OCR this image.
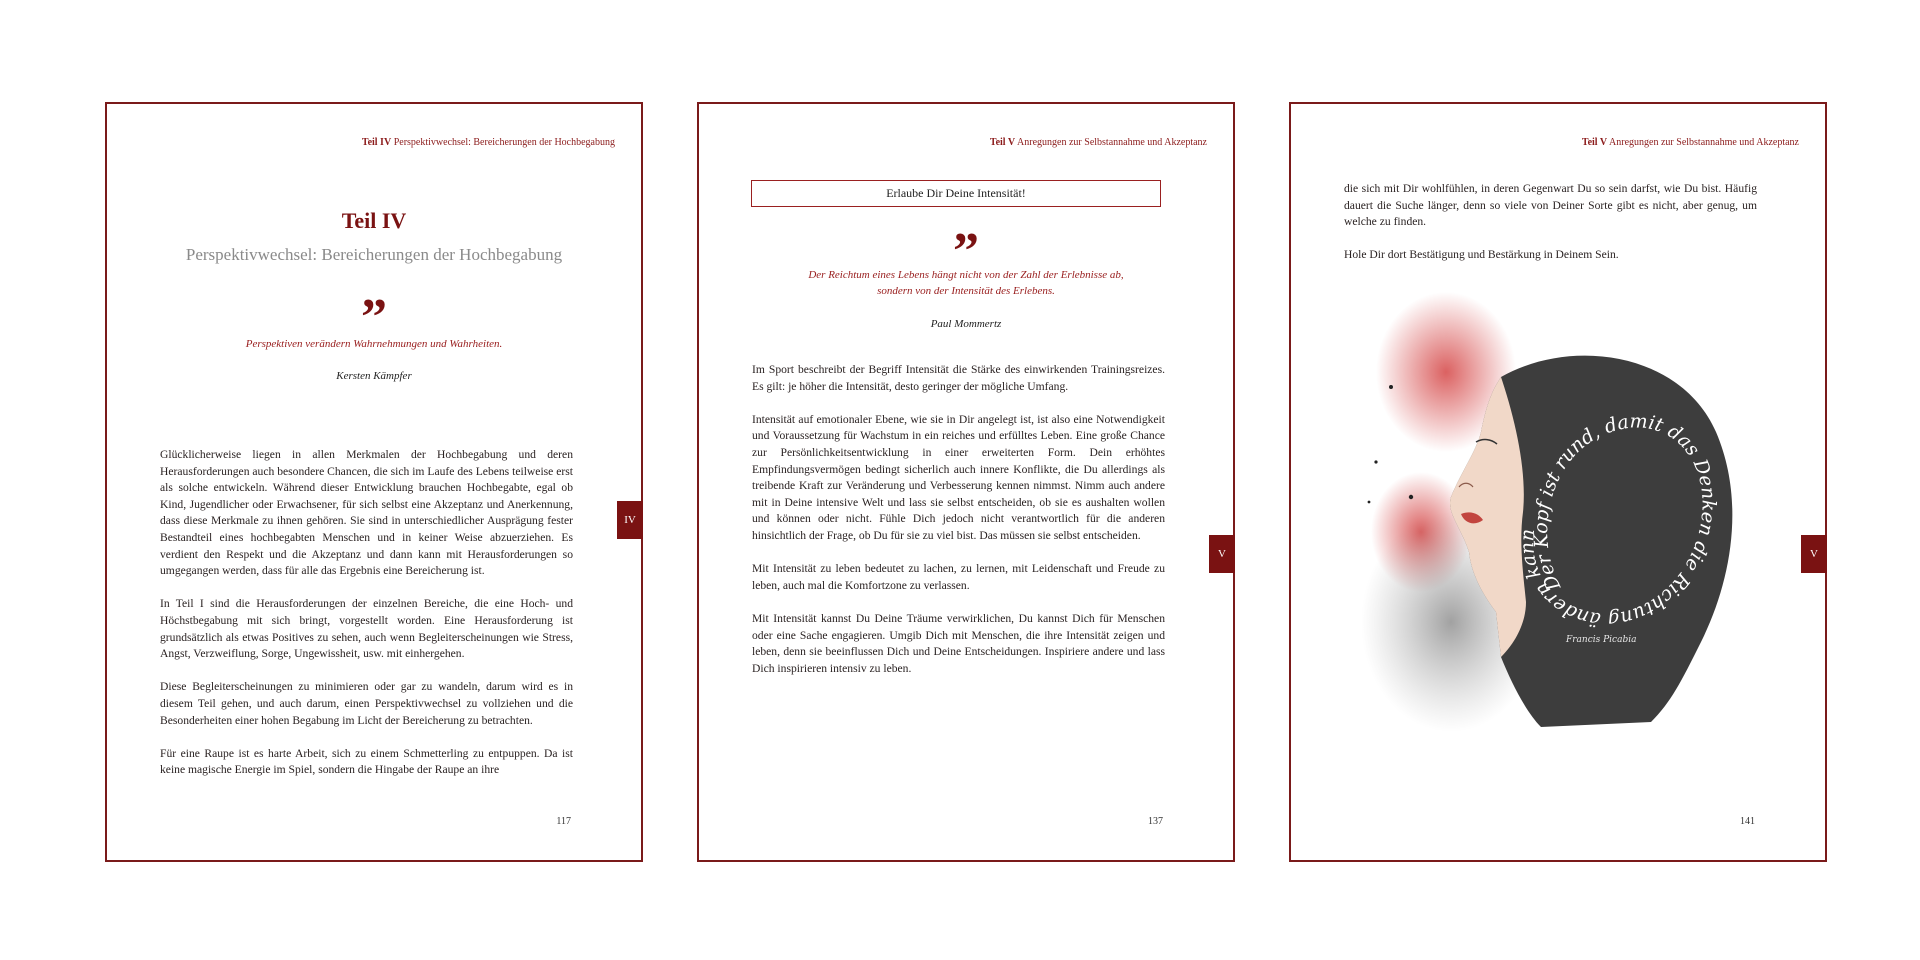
Teil IV Perspektivwechsel: Bereicherungen der Hochbegabung
Teil IV
Perspektivwechsel: Bereicherungen der Hochbegabung
”
Perspektiven verändern Wahrnehmungen und Wahrheiten.
Kersten Kämpfer

Glücklicherweise liegen in allen Merkmalen der Hochbegabung und deren Herausforderungen auch besondere Chancen, die sich im Laufe des Lebens teilweise erst als solche entwickeln. Während dieser Entwicklung brauchen Hochbegabte, egal ob Kind, Jugendlicher oder Erwachsener, für sich selbst eine Akzeptanz und Anerkennung, dass diese Merkmale zu ihnen gehören. Sie sind in unterschiedlicher Ausprägung fester Bestandteil eines hochbegabten Menschen und in keiner Weise abzuerziehen. Es verdient den Respekt und die Akzeptanz und dann kann mit Herausforderungen so umgegangen werden, dass für alle das Ergebnis eine Bereicherung ist.

In Teil I sind die Herausforderungen der einzelnen Bereiche, die eine Hoch- und Höchstbegabung mit sich bringt, vorgestellt worden. Eine Herausforderung ist grundsätzlich als etwas Positives zu sehen, auch wenn Begleiterscheinungen wie Stress, Angst, Verzweiflung, Sorge, Ungewissheit, usw. mit einhergehen.

Diese Begleiterscheinungen zu minimieren oder gar zu wandeln, darum wird es in diesem Teil gehen, und auch darum, einen Perspektivwechsel zu vollziehen und die Besonderheiten einer hohen Begabung im Licht der Bereicherung zu betrachten.

Für eine Raupe ist es harte Arbeit, sich zu einem Schmetterling zu entpuppen. Da ist keine magische Energie im Spiel, sondern die Hingabe der Raupe an ihre

IV
117
Teil V Anregungen zur Selbstannahme und Akzeptanz
Erlaube Dir Deine Intensität!
”
Der Reichtum eines Lebens hängt nicht von der Zahl der Erlebnisse ab,
sondern von der Intensität des Erlebens.
Paul Mommertz

Im Sport beschreibt der Begriff Intensität die Stärke des einwirkenden Trainingsreizes. Es gilt: je höher die Intensität, desto geringer der mögliche Umfang.

Intensität auf emotionaler Ebene, wie sie in Dir angelegt ist, ist also eine Notwendigkeit und Voraussetzung für Wachstum in ein reiches und erfülltes Leben. Eine große Chance zur Persönlichkeitsentwicklung in einer erweiterten Form. Dein erhöhtes Empfindungsvermögen bedingt sicherlich auch innere Konflikte, die Du allerdings als treibende Kraft zur Veränderung und Verbesserung kennen nimmst. Nimm auch andere mit in Deine intensive Welt und lass sie selbst entscheiden, ob sie es aushalten wollen und können oder nicht. Fühle Dich jedoch nicht verantwortlich für die anderen hinsichtlich der Frage, ob Du für sie zu viel bist. Das müssen sie selbst entscheiden.

Mit Intensität zu leben bedeutet zu lachen, zu lernen, mit Leidenschaft und Freude zu leben, auch mal die Komfortzone zu verlassen.

Mit Intensität kannst Du Deine Träume verwirklichen, Du kannst Dich für Menschen oder eine Sache engagieren. Umgib Dich mit Menschen, die ihre Intensität zeigen und leben, denn sie beeinflussen Dich und Deine Entscheidungen. Inspiriere andere und lass Dich inspirieren intensiv zu leben.

V
137
Teil V Anregungen zur Selbstannahme und Akzeptanz

die sich mit Dir wohlfühlen, in deren Gegenwart Du so sein darfst, wie Du bist. Häufig dauert die Suche länger, denn so viele von Deiner Sorte gibt es nicht, aber genug, um welche zu finden.

Hole Dir dort Bestätigung und Bestärkung in Deinem Sein.

Der Kopf ist rund, damit das Denken die Richtung ändern kann
Francis Picabia
V
141
